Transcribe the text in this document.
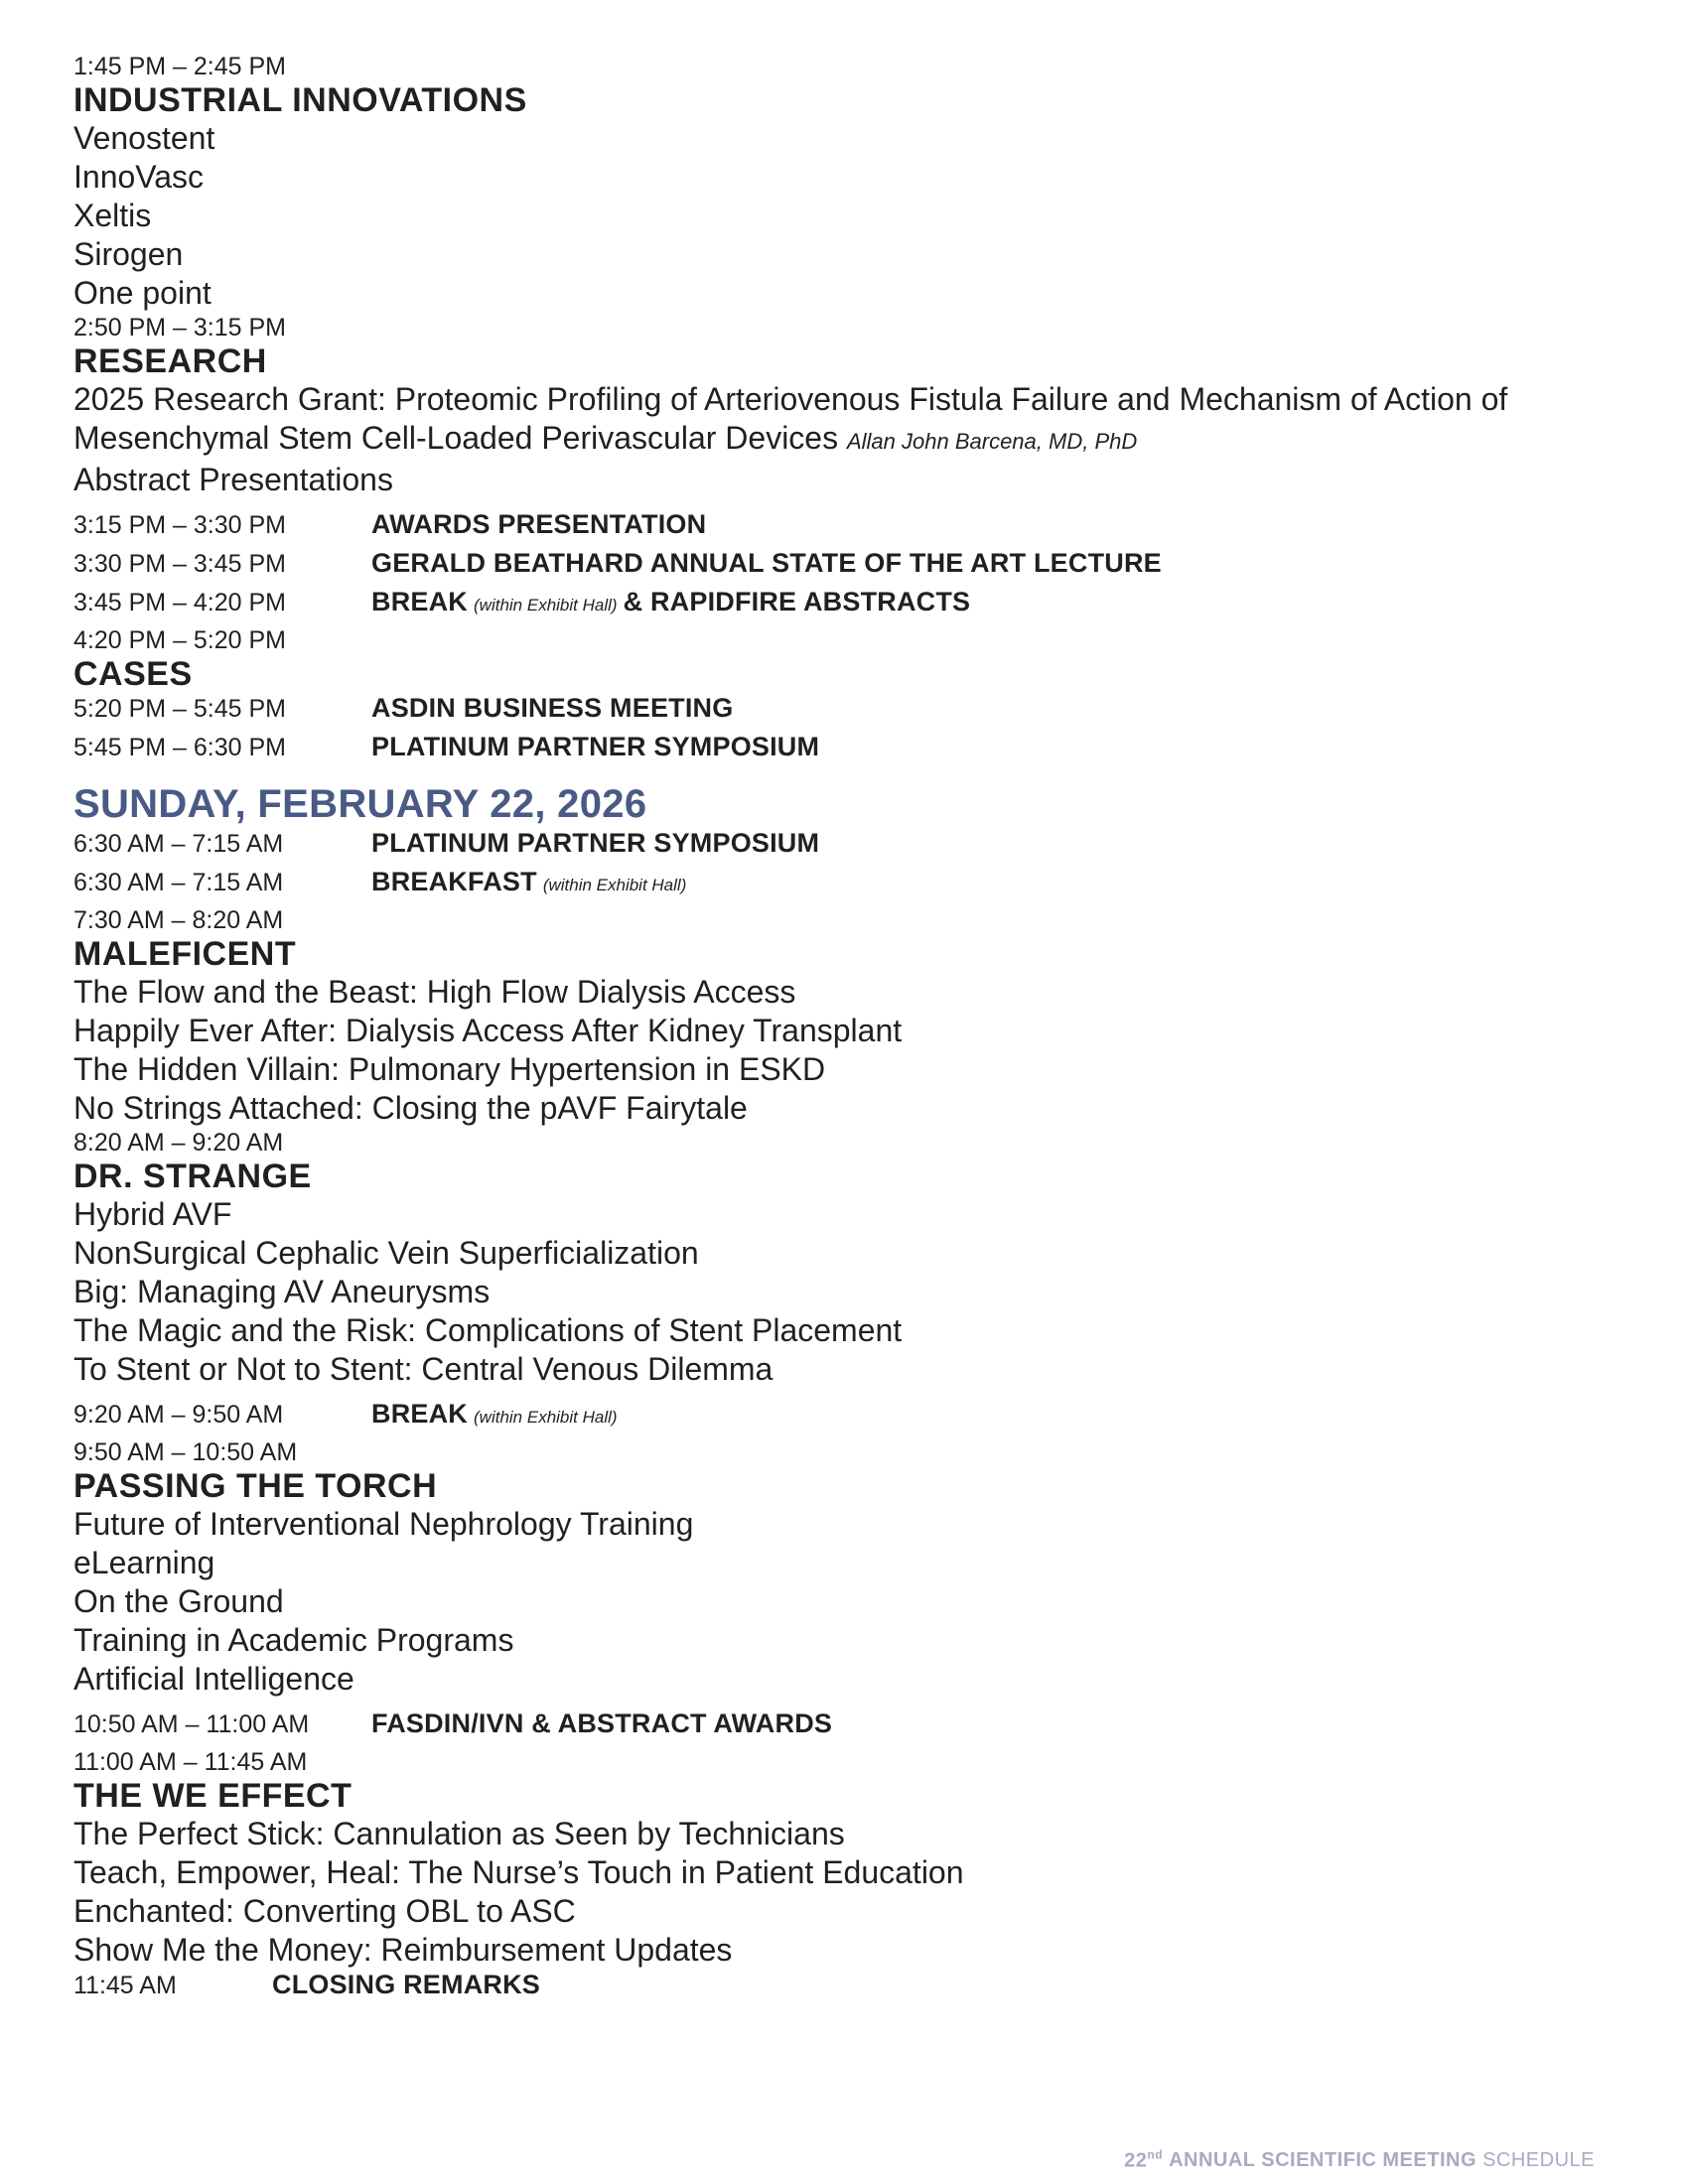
1:45 PM – 2:45 PM
INDUSTRIAL INNOVATIONS
Venostent
InnoVasc
Xeltis
Sirogen
One point
2:50 PM – 3:15 PM
RESEARCH
2025 Research Grant: Proteomic Profiling of Arteriovenous Fistula Failure and Mechanism of Action of
Mesenchymal Stem Cell-Loaded Perivascular Devices Allan John Barcena, MD, PhD
Abstract Presentations
3:15 PM – 3:30 PM	AWARDS PRESENTATION
3:30 PM – 3:45 PM	GERALD BEATHARD ANNUAL STATE OF THE ART LECTURE
3:45 PM – 4:20 PM	BREAK (within Exhibit Hall) & RAPIDFIRE ABSTRACTS
4:20 PM – 5:20 PM
CASES
5:20 PM – 5:45 PM	ASDIN BUSINESS MEETING
5:45 PM – 6:30 PM	PLATINUM PARTNER SYMPOSIUM
SUNDAY, FEBRUARY 22, 2026
6:30 AM – 7:15 AM	PLATINUM PARTNER SYMPOSIUM
6:30 AM – 7:15 AM	BREAKFAST (within Exhibit Hall)
7:30 AM – 8:20 AM
MALEFICENT
The Flow and the Beast: High Flow Dialysis Access
Happily Ever After: Dialysis Access After Kidney Transplant
The Hidden Villain: Pulmonary Hypertension in ESKD
No Strings Attached: Closing the pAVF Fairytale
8:20 AM – 9:20 AM
DR. STRANGE
Hybrid AVF
NonSurgical Cephalic Vein Superficialization
Big: Managing AV Aneurysms
The Magic and the Risk: Complications of Stent Placement
To Stent or Not to Stent: Central Venous Dilemma
9:20 AM – 9:50 AM	BREAK (within Exhibit Hall)
9:50 AM – 10:50 AM
PASSING THE TORCH
Future of Interventional Nephrology Training
eLearning
On the Ground
Training in Academic Programs
Artificial Intelligence
10:50 AM – 11:00 AM	FASDIN/IVN & ABSTRACT AWARDS
11:00 AM – 11:45 AM
THE WE EFFECT
The Perfect Stick: Cannulation as Seen by Technicians
Teach, Empower, Heal: The Nurse’s Touch in Patient Education
Enchanted: Converting OBL to ASC
Show Me the Money: Reimbursement Updates
11:45 AM	CLOSING REMARKS
22nd ANNUAL SCIENTIFIC MEETING SCHEDULE
